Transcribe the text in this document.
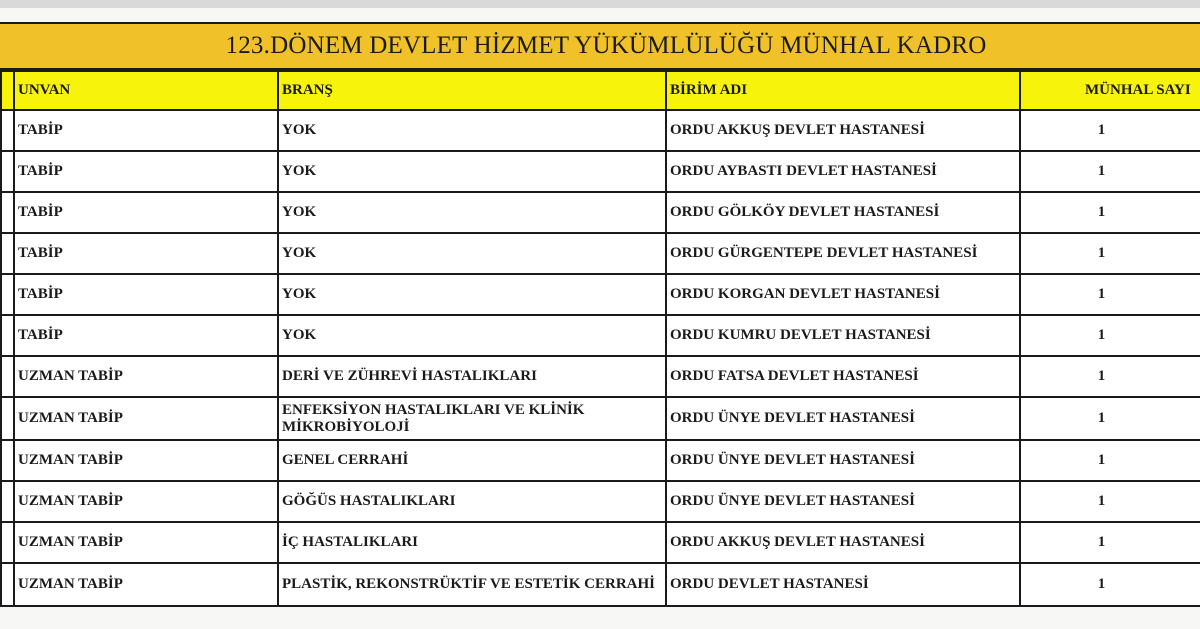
123.DÖNEM DEVLET HİZMET YÜKÜMLÜLÜĞÜ MÜNHAL KADRO
	UNVAN	BRANŞ	BİRİM ADI	MÜNHAL SAYI
	TABİP	YOK	ORDU AKKUŞ DEVLET HASTANESİ	1
	TABİP	YOK	ORDU AYBASTI DEVLET HASTANESİ	1
	TABİP	YOK	ORDU GÖLKÖY DEVLET HASTANESİ	1
	TABİP	YOK	ORDU GÜRGENTEPE DEVLET HASTANESİ	1
	TABİP	YOK	ORDU KORGAN DEVLET HASTANESİ	1
	TABİP	YOK	ORDU KUMRU DEVLET HASTANESİ	1
	UZMAN TABİP	DERİ VE ZÜHREVİ HASTALIKLARI	ORDU FATSA DEVLET HASTANESİ	1
	UZMAN TABİP	ENFEKSİYON HASTALIKLARI VE KLİNİK MİKROBİYOLOJİ	ORDU ÜNYE DEVLET HASTANESİ	1
	UZMAN TABİP	GENEL CERRAHİ	ORDU ÜNYE DEVLET HASTANESİ	1
	UZMAN TABİP	GÖĞÜS HASTALIKLARI	ORDU ÜNYE DEVLET HASTANESİ	1
	UZMAN TABİP	İÇ HASTALIKLARI	ORDU AKKUŞ DEVLET HASTANESİ	1
	UZMAN TABİP	PLASTİK, REKONSTRÜKTİF VE ESTETİK CERRAHİ	ORDU DEVLET HASTANESİ	1
